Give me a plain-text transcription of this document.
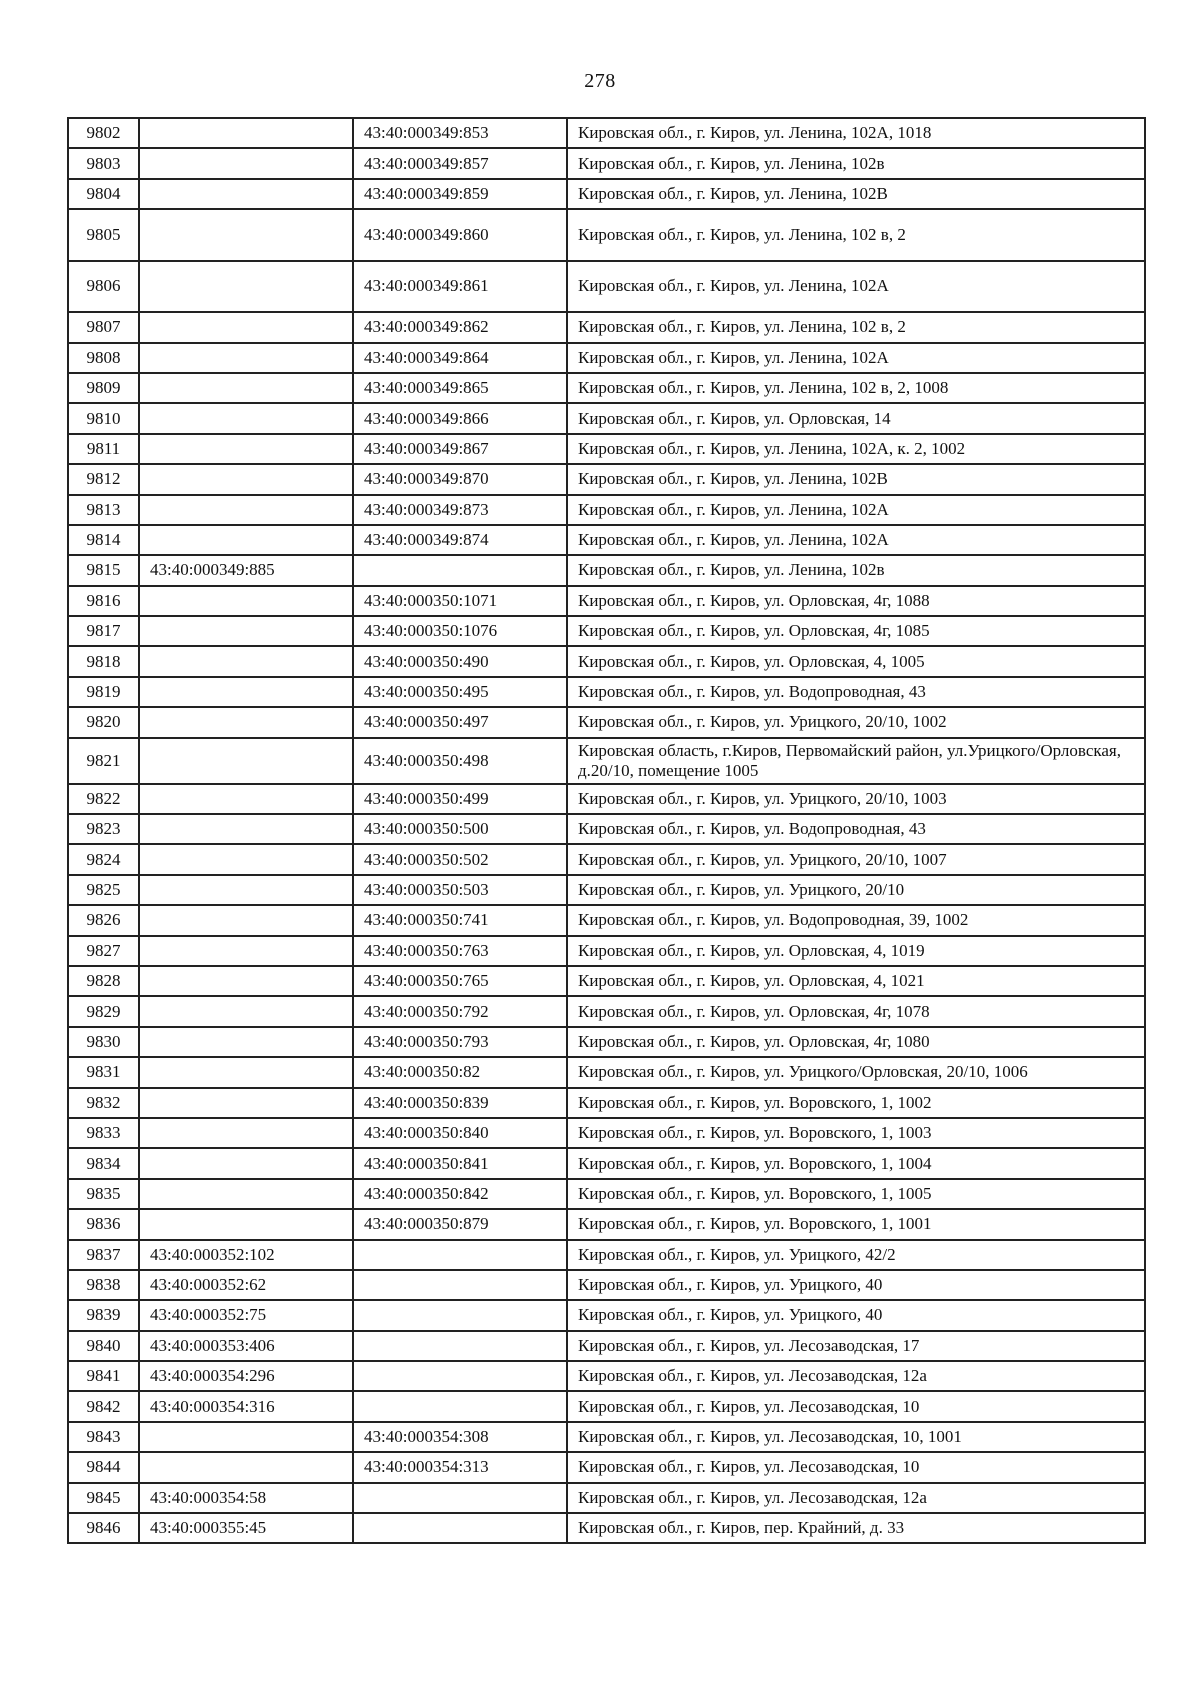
278
9802		43:40:000349:853	Кировская обл., г. Киров, ул. Ленина, 102А, 1018
9803		43:40:000349:857	Кировская обл., г. Киров, ул. Ленина, 102в
9804		43:40:000349:859	Кировская обл., г. Киров, ул. Ленина, 102В
9805		43:40:000349:860	Кировская обл., г. Киров, ул. Ленина, 102 в, 2
9806		43:40:000349:861	Кировская обл., г. Киров, ул. Ленина, 102А
9807		43:40:000349:862	Кировская обл., г. Киров, ул. Ленина, 102 в, 2
9808		43:40:000349:864	Кировская обл., г. Киров, ул. Ленина, 102А
9809		43:40:000349:865	Кировская обл., г. Киров, ул. Ленина, 102 в, 2, 1008
9810		43:40:000349:866	Кировская обл., г. Киров, ул. Орловская, 14
9811		43:40:000349:867	Кировская обл., г. Киров, ул. Ленина, 102А, к. 2, 1002
9812		43:40:000349:870	Кировская обл., г. Киров, ул. Ленина, 102В
9813		43:40:000349:873	Кировская обл., г. Киров, ул. Ленина, 102А
9814		43:40:000349:874	Кировская обл., г. Киров, ул. Ленина, 102А
9815	43:40:000349:885		Кировская обл., г. Киров, ул. Ленина, 102в
9816		43:40:000350:1071	Кировская обл., г. Киров, ул. Орловская, 4г, 1088
9817		43:40:000350:1076	Кировская обл., г. Киров, ул. Орловская, 4г, 1085
9818		43:40:000350:490	Кировская обл., г. Киров, ул. Орловская, 4, 1005
9819		43:40:000350:495	Кировская обл., г. Киров, ул. Водопроводная, 43
9820		43:40:000350:497	Кировская обл., г. Киров, ул. Урицкого, 20/10, 1002
9821		43:40:000350:498	Кировская область, г.Киров, Первомайский район, ул.Урицкого/Орловская, д.20/10, помещение 1005
9822		43:40:000350:499	Кировская обл., г. Киров, ул. Урицкого, 20/10, 1003
9823		43:40:000350:500	Кировская обл., г. Киров, ул. Водопроводная, 43
9824		43:40:000350:502	Кировская обл., г. Киров, ул. Урицкого, 20/10, 1007
9825		43:40:000350:503	Кировская обл., г. Киров, ул. Урицкого, 20/10
9826		43:40:000350:741	Кировская обл., г. Киров, ул. Водопроводная, 39, 1002
9827		43:40:000350:763	Кировская обл., г. Киров, ул. Орловская, 4, 1019
9828		43:40:000350:765	Кировская обл., г. Киров, ул. Орловская, 4, 1021
9829		43:40:000350:792	Кировская обл., г. Киров, ул. Орловская, 4г, 1078
9830		43:40:000350:793	Кировская обл., г. Киров, ул. Орловская, 4г, 1080
9831		43:40:000350:82	Кировская обл., г. Киров, ул. Урицкого/Орловская, 20/10, 1006
9832		43:40:000350:839	Кировская обл., г. Киров, ул. Воровского, 1, 1002
9833		43:40:000350:840	Кировская обл., г. Киров, ул. Воровского, 1, 1003
9834		43:40:000350:841	Кировская обл., г. Киров, ул. Воровского, 1, 1004
9835		43:40:000350:842	Кировская обл., г. Киров, ул. Воровского, 1, 1005
9836		43:40:000350:879	Кировская обл., г. Киров, ул. Воровского, 1, 1001
9837	43:40:000352:102		Кировская обл., г. Киров, ул. Урицкого, 42/2
9838	43:40:000352:62		Кировская обл., г. Киров, ул. Урицкого, 40
9839	43:40:000352:75		Кировская обл., г. Киров, ул. Урицкого, 40
9840	43:40:000353:406		Кировская обл., г. Киров, ул. Лесозаводская, 17
9841	43:40:000354:296		Кировская обл., г. Киров, ул. Лесозаводская, 12а
9842	43:40:000354:316		Кировская обл., г. Киров, ул. Лесозаводская, 10
9843		43:40:000354:308	Кировская обл., г. Киров, ул. Лесозаводская, 10, 1001
9844		43:40:000354:313	Кировская обл., г. Киров, ул. Лесозаводская, 10
9845	43:40:000354:58		Кировская обл., г. Киров, ул. Лесозаводская, 12а
9846	43:40:000355:45		Кировская обл., г. Киров, пер. Крайний, д. 33
